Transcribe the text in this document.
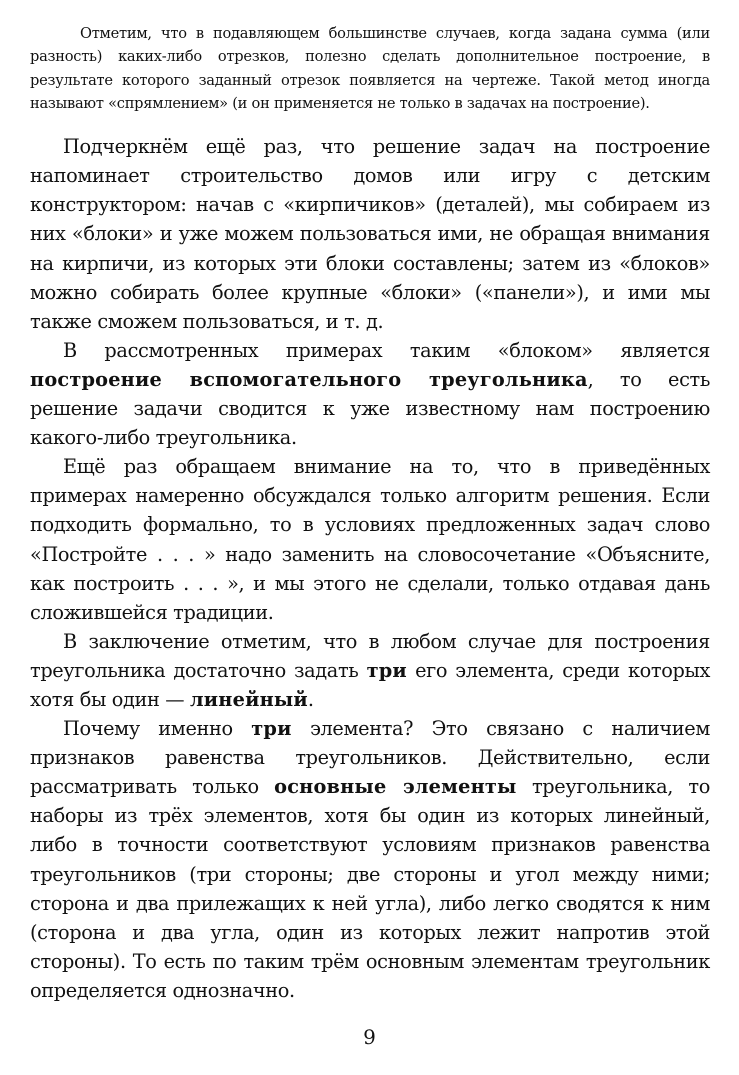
Отметим, что в подавляющем большинстве случаев, когда задана сумма (или разность) каких-либо отрезков, полезно сделать дополнительное построение, в результате которого заданный отрезок появляется на чертеже. Такой метод иногда называют «спрямлением» (и он применяется не только в задачах на построение).

Подчеркнём ещё раз, что решение задач на построение напоминает строительство домов или игру с детским конструктором: начав с «кирпичиков» (деталей), мы собираем из них «блоки» и уже можем пользоваться ими, не обращая внимания на кирпичи, из которых эти блоки составлены; затем из «блоков» можно собирать более крупные «блоки» («панели»), и ими мы также сможем пользоваться, и т. д.

В рассмотренных примерах таким «блоком» является построение вспомогательного треугольника, то есть решение задачи сводится к уже известному нам построению какого-либо треугольника.

Ещё раз обращаем внимание на то, что в приведённых примерах намеренно обсуждался только алгоритм решения. Если подходить формально, то в условиях предложенных задач слово «Постройте . . . » надо заменить на словосочетание «Объясните, как построить . . . », и мы этого не сделали, только отдавая дань сложившейся традиции.

В заключение отметим, что в любом случае для построения треугольника достаточно задать три его элемента, среди которых хотя бы один — линейный.

Почему именно три элемента? Это связано с наличием признаков равенства треугольников. Действительно, если рассматривать только основные элементы треугольника, то наборы из трёх элементов, хотя бы один из которых линейный, либо в точности соответствуют условиям признаков равенства треугольников (три стороны; две стороны и угол между ними; сторона и два прилежащих к ней угла), либо легко сводятся к ним (сторона и два угла, один из которых лежит напротив этой стороны). То есть по таким трём основным элементам треугольник определяется однозначно.

9
